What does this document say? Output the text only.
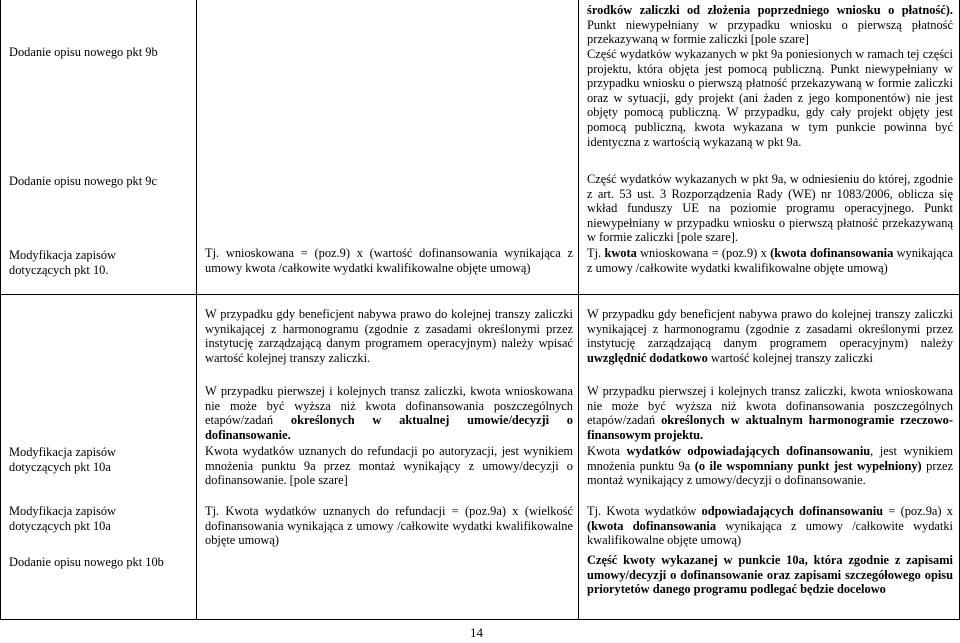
Dodanie opisu nowego pkt 9b
Dodanie opisu nowego pkt 9c
Modyfikacja zapisów dotyczących pkt 10.
Modyfikacja zapisów dotyczących pkt 10a
Modyfikacja zapisów dotyczących pkt 10a
Dodanie opisu nowego pkt 10b
środków zaliczki od złożenia poprzedniego wniosku o płatność). Punkt niewypełniany w przypadku wniosku o pierwszą płatność przekazywaną w formie zaliczki [pole szare]
Część wydatków wykazanych w pkt 9a poniesionych w ramach tej części projektu, która objęta jest pomocą publiczną. Punkt niewypełniany w przypadku wniosku o pierwszą płatność przekazywaną w formie zaliczki oraz w sytuacji, gdy projekt (ani żaden z jego komponentów) nie jest objęty pomocą publiczną. W przypadku, gdy cały projekt objęty jest pomocą publiczną, kwota wykazana w tym punkcie powinna być identyczna z wartością wykazaną w pkt 9a.
Część wydatków wykazanych w pkt 9a, w odniesieniu do której, zgodnie z art. 53 ust. 3 Rozporządzenia Rady (WE) nr 1083/2006, oblicza się wkład funduszy UE na poziomie programu operacyjnego. Punkt niewypełniany w przypadku wniosku o pierwszą płatność przekazywaną w formie zaliczki [pole szare].
Tj. wnioskowana = (poz.9) x (wartość dofinansowania wynikająca z umowy kwota /całkowite wydatki kwalifikowalne objęte umową)
Tj. kwota wnioskowana = (poz.9) x (kwota dofinansowania wynikająca z umowy /całkowite wydatki kwalifikowalne objęte umową)
W przypadku gdy beneficjent nabywa prawo do kolejnej transzy zaliczki wynikającej z harmonogramu (zgodnie z zasadami określonymi przez instytucję zarządzającą danym programem operacyjnym) należy wpisać wartość kolejnej transzy zaliczki.
W przypadku pierwszej i kolejnych transz zaliczki, kwota wnioskowana nie może być wyższa niż kwota dofinansowania poszczególnych etapów/zadań określonych w aktualnej umowie/decyzji o dofinansowanie.
Kwota wydatków uznanych do refundacji po autoryzacji, jest wynikiem mnożenia punktu 9a przez montaż wynikający z umowy/decyzji o dofinansowanie. [pole szare]
Tj. Kwota wydatków uznanych do refundacji = (poz.9a) x (wielkość dofinansowania wynikająca z umowy /całkowite wydatki kwalifikowalne objęte umową)
W przypadku gdy beneficjent nabywa prawo do kolejnej transzy zaliczki wynikającej z harmonogramu (zgodnie z zasadami określonymi przez instytucję zarządzającą danym programem operacyjnym) należy uwzględnić dodatkowo wartość kolejnej transzy zaliczki
W przypadku pierwszej i kolejnych transz zaliczki, kwota wnioskowana nie może być wyższa niż kwota dofinansowania poszczególnych etapów/zadań określonych w aktualnym harmonogramie rzeczowo-finansowym projektu.
Kwota wydatków odpowiadających dofinansowaniu, jest wynikiem mnożenia punktu 9a (o ile wspomniany punkt jest wypełniony) przez montaż wynikający z umowy/decyzji o dofinansowanie.
Tj. Kwota wydatków odpowiadających dofinansowaniu = (poz.9a) x (kwota dofinansowania wynikająca z umowy /całkowite wydatki kwalifikowalne objęte umową)
Część kwoty wykazanej w punkcie 10a, która zgodnie z zapisami umowy/decyzji o dofinansowanie oraz zapisami szczegółowego opisu priorytetów danego programu podlegać będzie docelowo
14
